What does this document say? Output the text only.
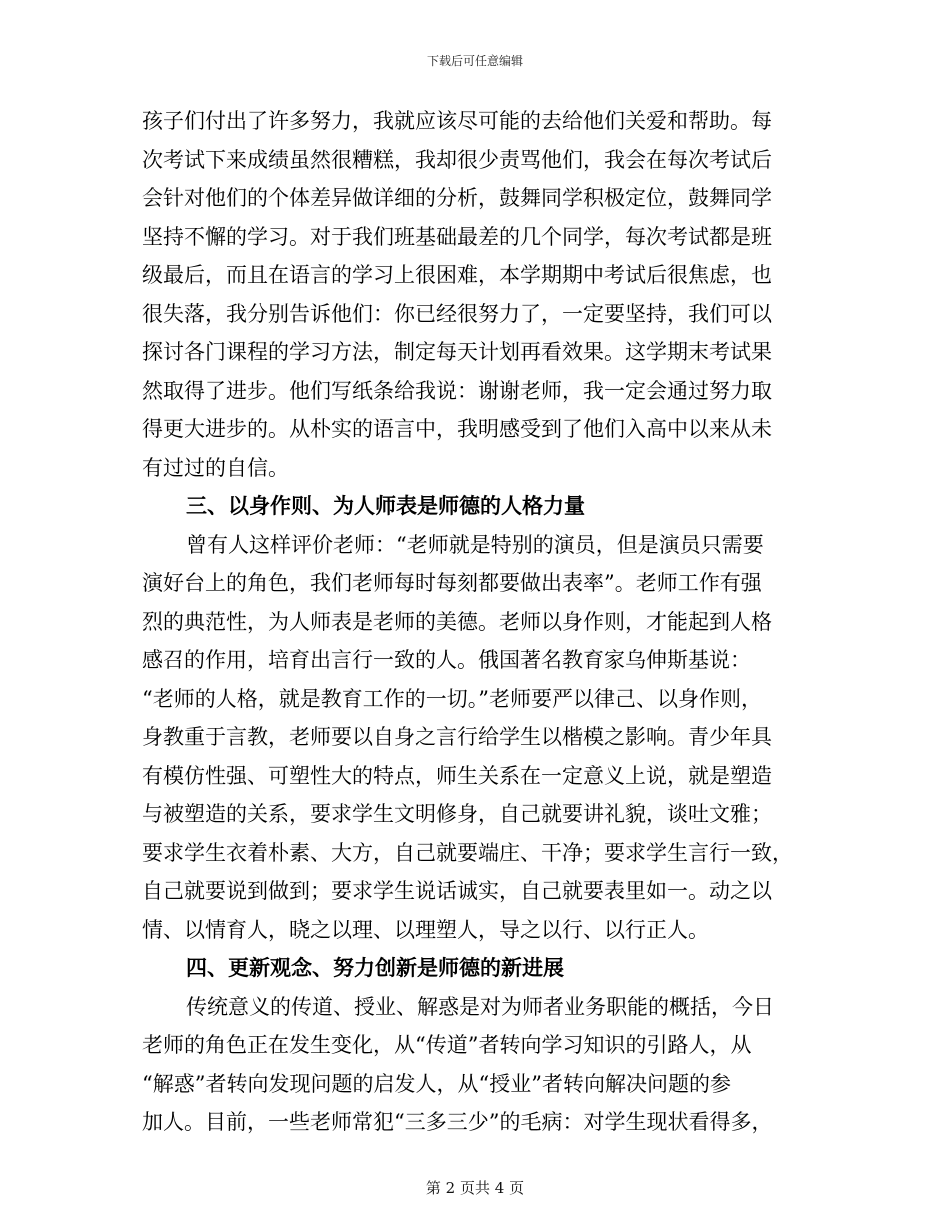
下载后可任意编辑
孩子们付出了许多努力，我就应该尽可能的去给他们关爱和帮助。每
次考试下来成绩虽然很糟糕，我却很少责骂他们，我会在每次考试后
会针对他们的个体差异做详细的分析，鼓舞同学积极定位，鼓舞同学
坚持不懈的学习。对于我们班基础最差的几个同学，每次考试都是班
级最后，而且在语言的学习上很困难，本学期期中考试后很焦虑，也
很失落，我分别告诉他们：你已经很努力了，一定要坚持，我们可以
探讨各门课程的学习方法，制定每天计划再看效果。这学期末考试果
然取得了进步。他们写纸条给我说：谢谢老师，我一定会通过努力取
得更大进步的。从朴实的语言中，我明感受到了他们入高中以来从未
有过过的自信。
三、以身作则、为人师表是师德的人格力量
曾有人这样评价老师：“老师就是特别的演员，但是演员只需要
演好台上的角色，我们老师每时每刻都要做出表率”。老师工作有强
烈的典范性，为人师表是老师的美德。老师以身作则，才能起到人格
感召的作用，培育出言行一致的人。俄国著名教育家乌伸斯基说：
“老师的人格，就是教育工作的一切。”老师要严以律己、以身作则，
身教重于言教，老师要以自身之言行给学生以楷模之影响。青少年具
有模仿性强、可塑性大的特点，师生关系在一定意义上说，就是塑造
与被塑造的关系，要求学生文明修身，自己就要讲礼貌，谈吐文雅；
要求学生衣着朴素、大方，自己就要端庄、干净；要求学生言行一致，
自己就要说到做到；要求学生说话诚实，自己就要表里如一。动之以
情、以情育人，晓之以理、以理塑人，导之以行、以行正人。
四、更新观念、努力创新是师德的新进展
传统意义的传道、授业、解惑是对为师者业务职能的概括，今日
老师的角色正在发生变化，从“传道”者转向学习知识的引路人，从
“解惑”者转向发现问题的启发人，从“授业”者转向解决问题的参
加人。目前，一些老师常犯“三多三少”的毛病：对学生现状看得多，
第 2 页共 4 页
